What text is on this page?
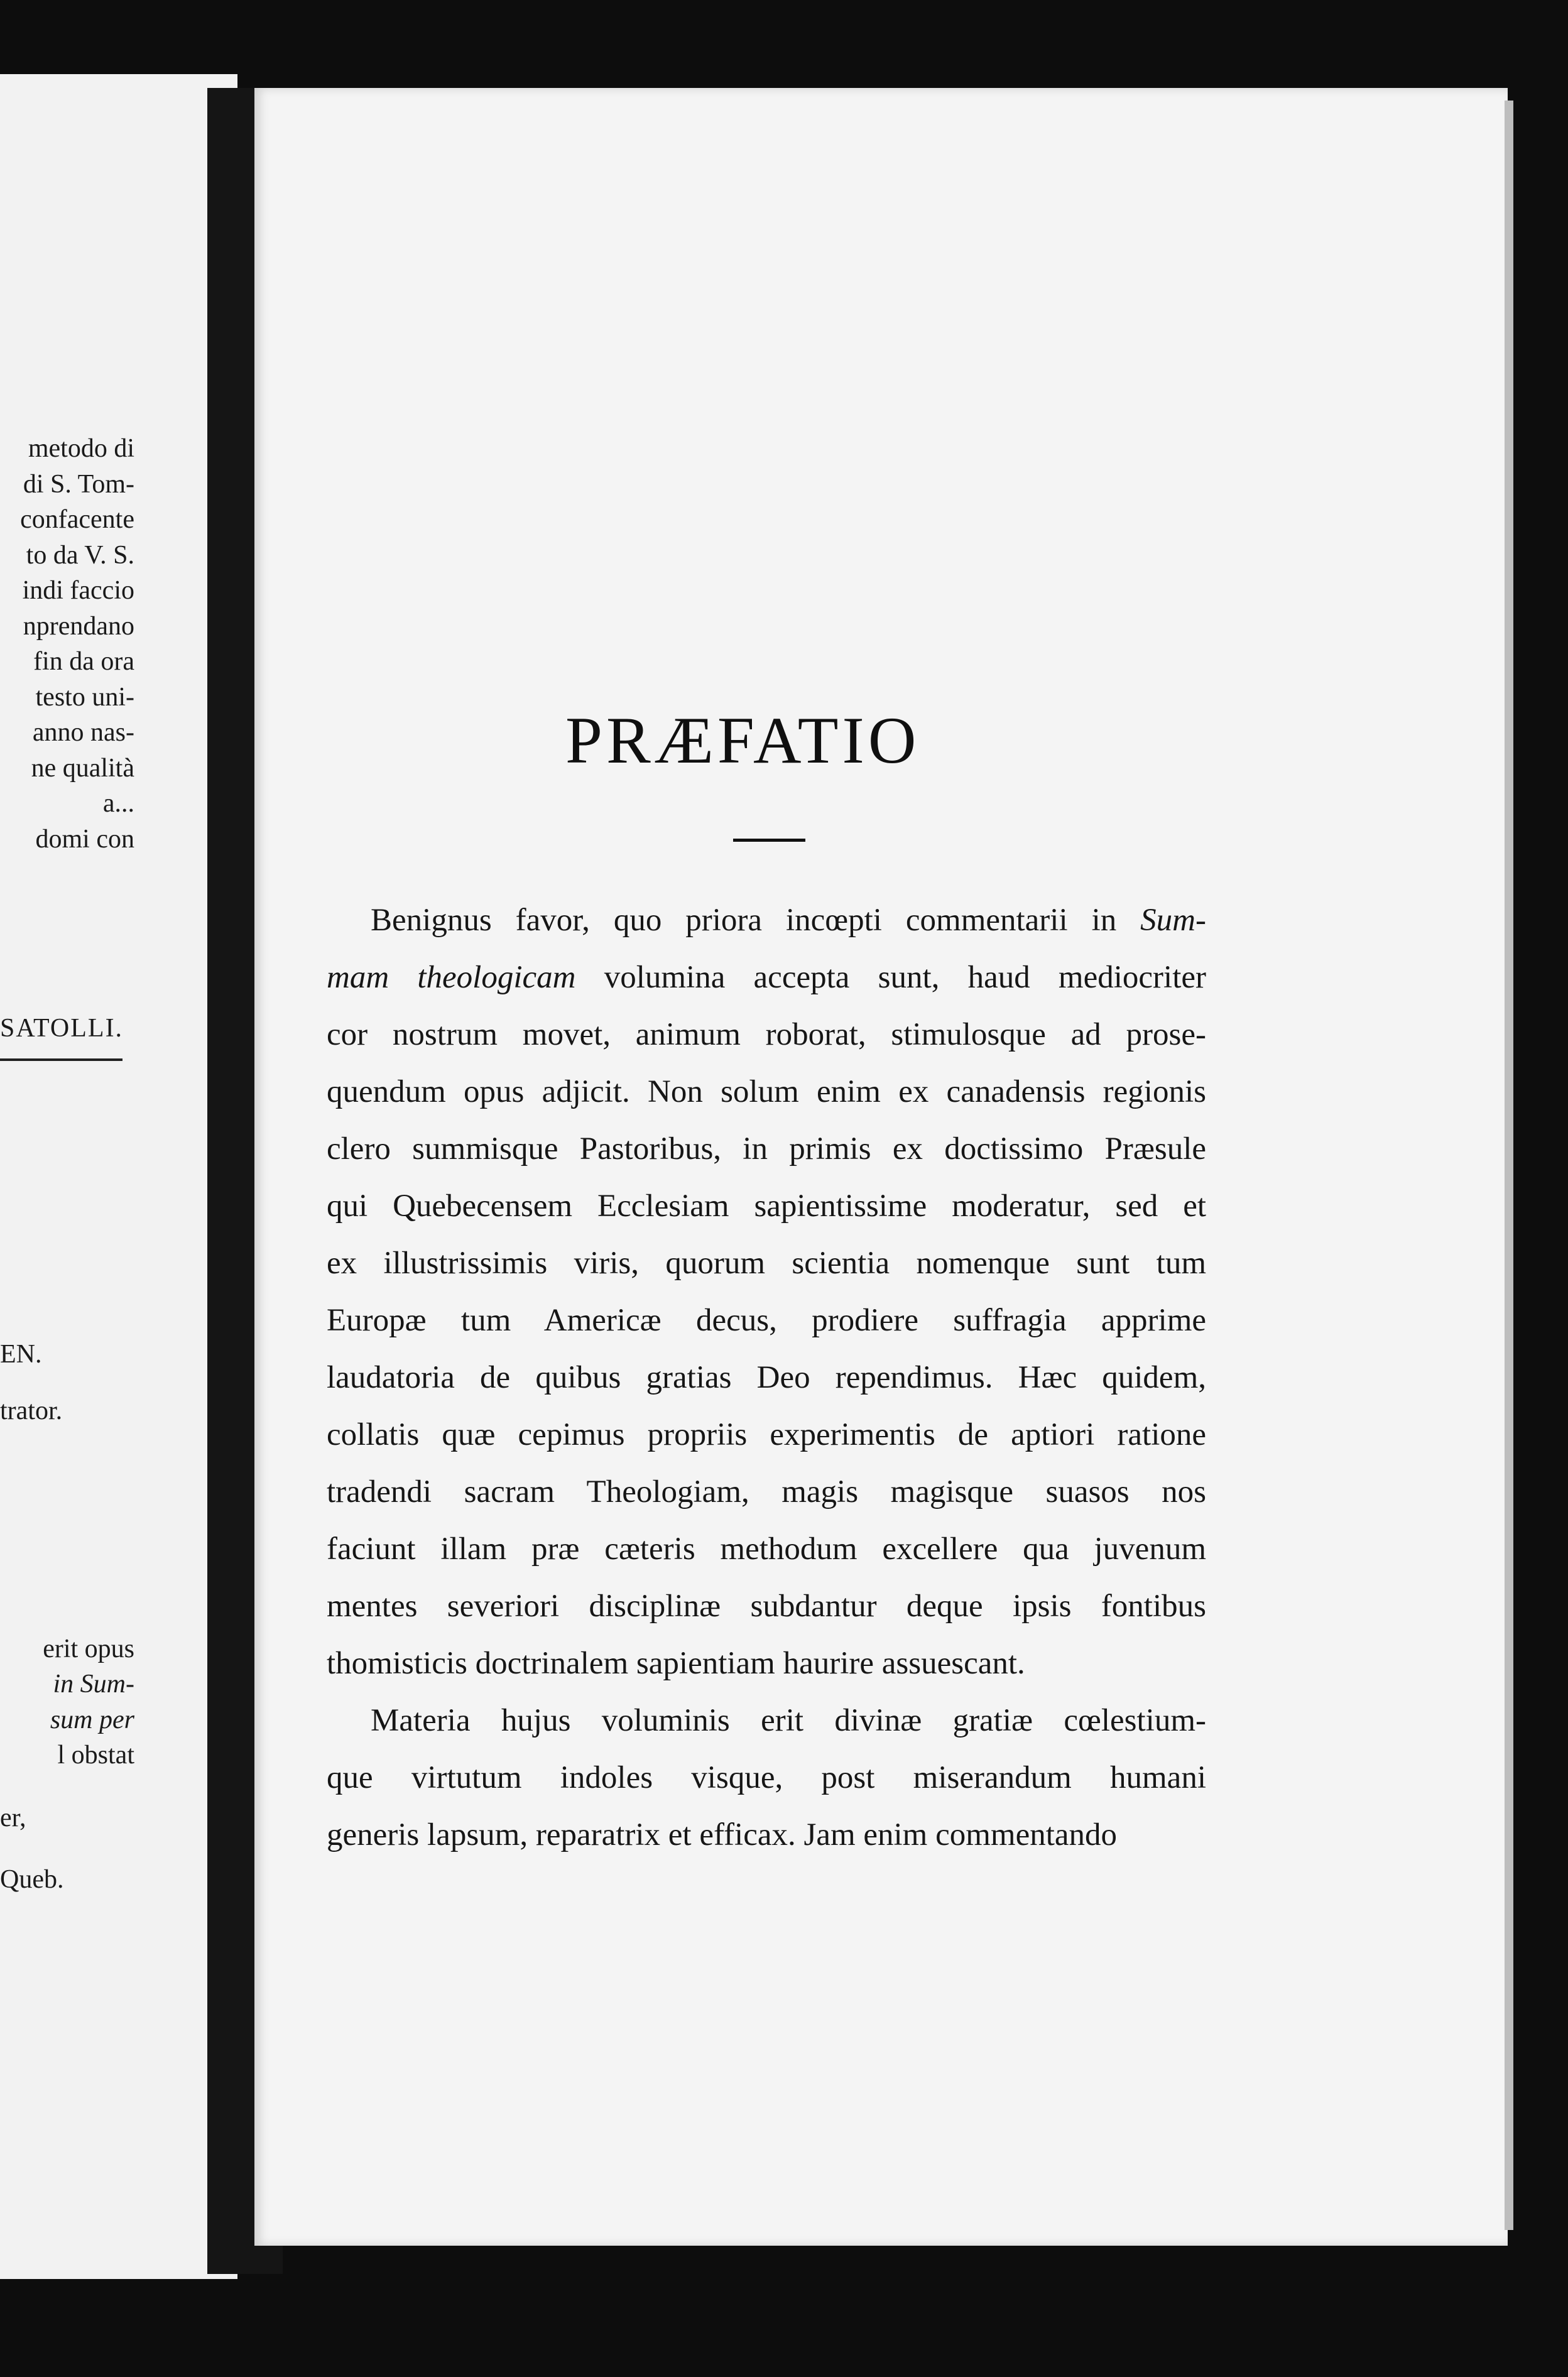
metodo di
di S. Tom-
confacente
to da V. S.
indi faccio
nprendano
fin da ora
testo uni-
anno nas-
ne qualità
a...
domi con
SATOLLI.
EN.
trator.
erit opus
in Sum-
sum per
l obstat
er,
Queb.
PRÆFATIO
Benignus favor, quo priora incœpti commentarii in Sum-
mam theologicam volumina accepta sunt, haud mediocriter
cor nostrum movet, animum roborat, stimulosque ad prose-
quendum opus adjicit. Non solum enim ex canadensis regionis
clero summisque Pastoribus, in primis ex doctissimo Præsule
qui Quebecensem Ecclesiam sapientissime moderatur, sed et
ex illustrissimis viris, quorum scientia nomenque sunt tum
Europæ tum Americæ decus, prodiere suffragia apprime
laudatoria de quibus gratias Deo rependimus. Hæc quidem,
collatis quæ cepimus propriis experimentis de aptiori ratione
tradendi sacram Theologiam, magis magisque suasos nos
faciunt illam præ cæteris methodum excellere qua juvenum
mentes severiori disciplinæ subdantur deque ipsis fontibus
thomisticis doctrinalem sapientiam haurire assuescant.
Materia hujus voluminis erit divinæ gratiæ cœlestium-
que virtutum indoles visque, post miserandum humani
generis lapsum, reparatrix et efficax. Jam enim commentando
